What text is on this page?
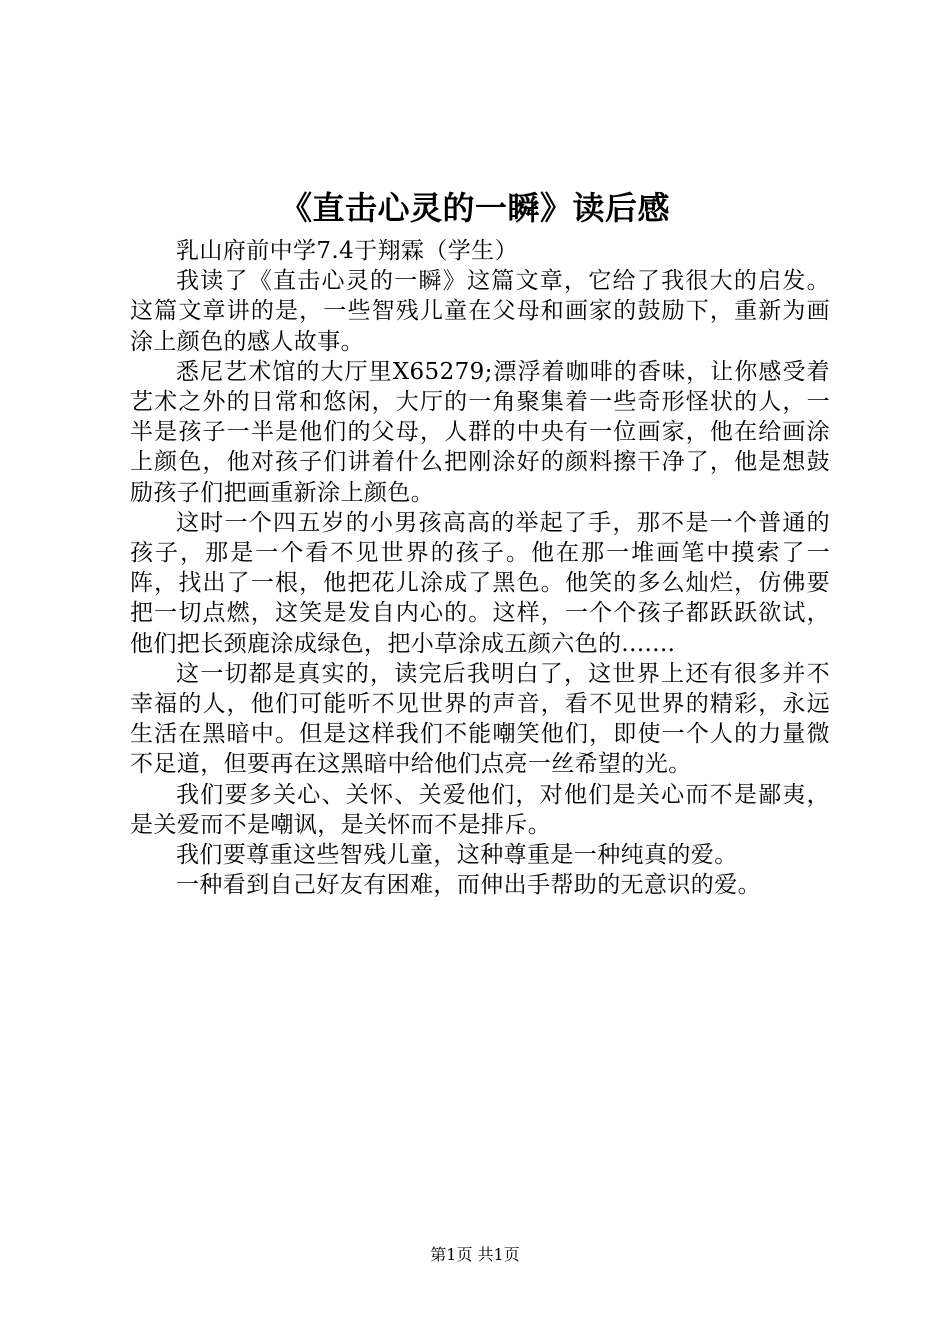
《直击心灵的一瞬》读后感

乳山府前中学7.4于翔霖（学生）

我读了《直击心灵的一瞬》这篇文章，它给了我很大的启发。这篇文章讲的是，一些智残儿童在父母和画家的鼓励下，重新为画涂上颜色的感人故事。

悉尼艺术馆的大厅里X65279;漂浮着咖啡的香味，让你感受着艺术之外的日常和悠闲，大厅的一角聚集着一些奇形怪状的人，一半是孩子一半是他们的父母，人群的中央有一位画家，他在给画涂上颜色，他对孩子们讲着什么把刚涂好的颜料擦干净了，他是想鼓励孩子们把画重新涂上颜色。

这时一个四五岁的小男孩高高的举起了手，那不是一个普通的孩子，那是一个看不见世界的孩子。他在那一堆画笔中摸索了一阵，找出了一根，他把花儿涂成了黑色。他笑的多么灿烂，仿佛要把一切点燃，这笑是发自内心的。这样，一个个孩子都跃跃欲试，他们把长颈鹿涂成绿色，把小草涂成五颜六色的.......

这一切都是真实的，读完后我明白了，这世界上还有很多并不幸福的人，他们可能听不见世界的声音，看不见世界的精彩，永远生活在黑暗中。但是这样我们不能嘲笑他们，即使一个人的力量微不足道，但要再在这黑暗中给他们点亮一丝希望的光。

我们要多关心、关怀、关爱他们，对他们是关心而不是鄙夷，是关爱而不是嘲讽，是关怀而不是排斥。

我们要尊重这些智残儿童，这种尊重是一种纯真的爱。

一种看到自己好友有困难，而伸出手帮助的无意识的爱。

第1页 共1页
